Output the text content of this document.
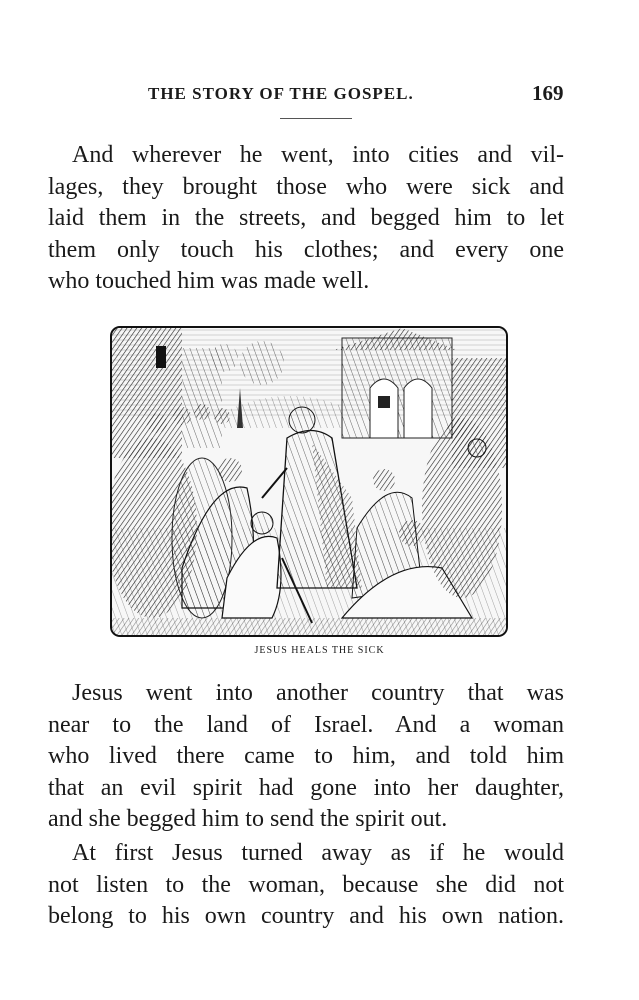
THE STORY OF THE GOSPEL.	169
And wherever he went, into cities and vil-
lages, they brought those who were sick and
laid them in the streets, and begged him to let
them only touch his clothes; and every one
who touched him was made well.
JESUS HEALS THE SICK
Jesus went into another country that was
near to the land of Israel. And a woman
who lived there came to him, and told him
that an evil spirit had gone into her daughter,
and she begged him to send the spirit out.
At first Jesus turned away as if he would
not listen to the woman, because she did not
belong to his own country and his own nation.
